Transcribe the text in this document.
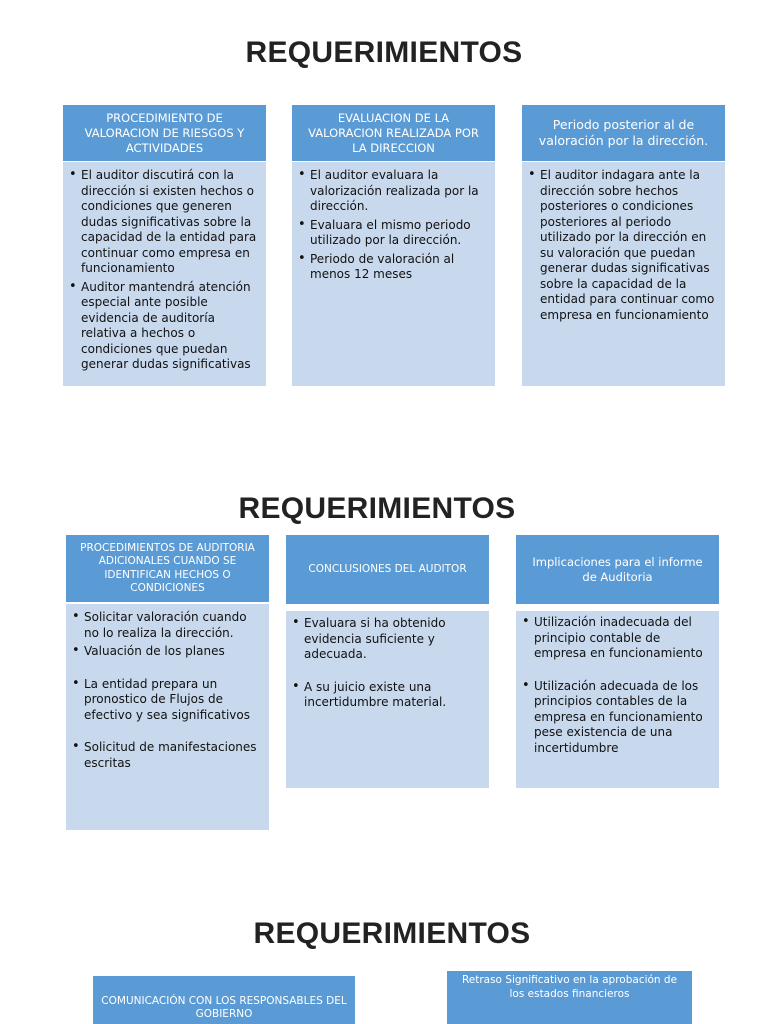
REQUERIMIENTOS
PROCEDIMIENTO DE VALORACION DE RIESGOS Y ACTIVIDADES
• El auditor discutirá con la dirección si existen hechos o condiciones que generen dudas significativas sobre la capacidad de la entidad para continuar como empresa en funcionamiento
• Auditor mantendrá atención especial ante posible evidencia de auditoría relativa a hechos o condiciones que puedan generar dudas significativas
EVALUACION DE LA VALORACION REALIZADA POR LA DIRECCION
• El auditor evaluara la valorización realizada por la dirección.
• Evaluara el mismo periodo utilizado por la dirección.
• Periodo de valoración al menos 12 meses
Periodo posterior al de valoración por la dirección.
• El auditor indagara ante la dirección sobre hechos posteriores o condiciones posteriores al periodo utilizado por la dirección en su valoración que puedan generar dudas significativas sobre la capacidad de la entidad para continuar como empresa en funcionamiento
REQUERIMIENTOS
PROCEDIMIENTOS DE AUDITORIA ADICIONALES CUANDO SE IDENTIFICAN HECHOS O CONDICIONES
• Solicitar valoración cuando no lo realiza la dirección.
• Valuación de los planes
• La entidad prepara un pronostico de Flujos de efectivo y sea significativos
• Solicitud de manifestaciones escritas
CONCLUSIONES DEL AUDITOR
• Evaluara si ha obtenido evidencia suficiente y adecuada.
• A su juicio existe una incertidumbre material.
Implicaciones para el informe de Auditoria
• Utilización inadecuada del principio contable de empresa en funcionamiento
• Utilización adecuada de los principios contables de la empresa en funcionamiento pese existencia de una incertidumbre
REQUERIMIENTOS
COMUNICACIÓN CON LOS RESPONSABLES DEL GOBIERNO
Retraso Significativo en la aprobación de los estados financieros
